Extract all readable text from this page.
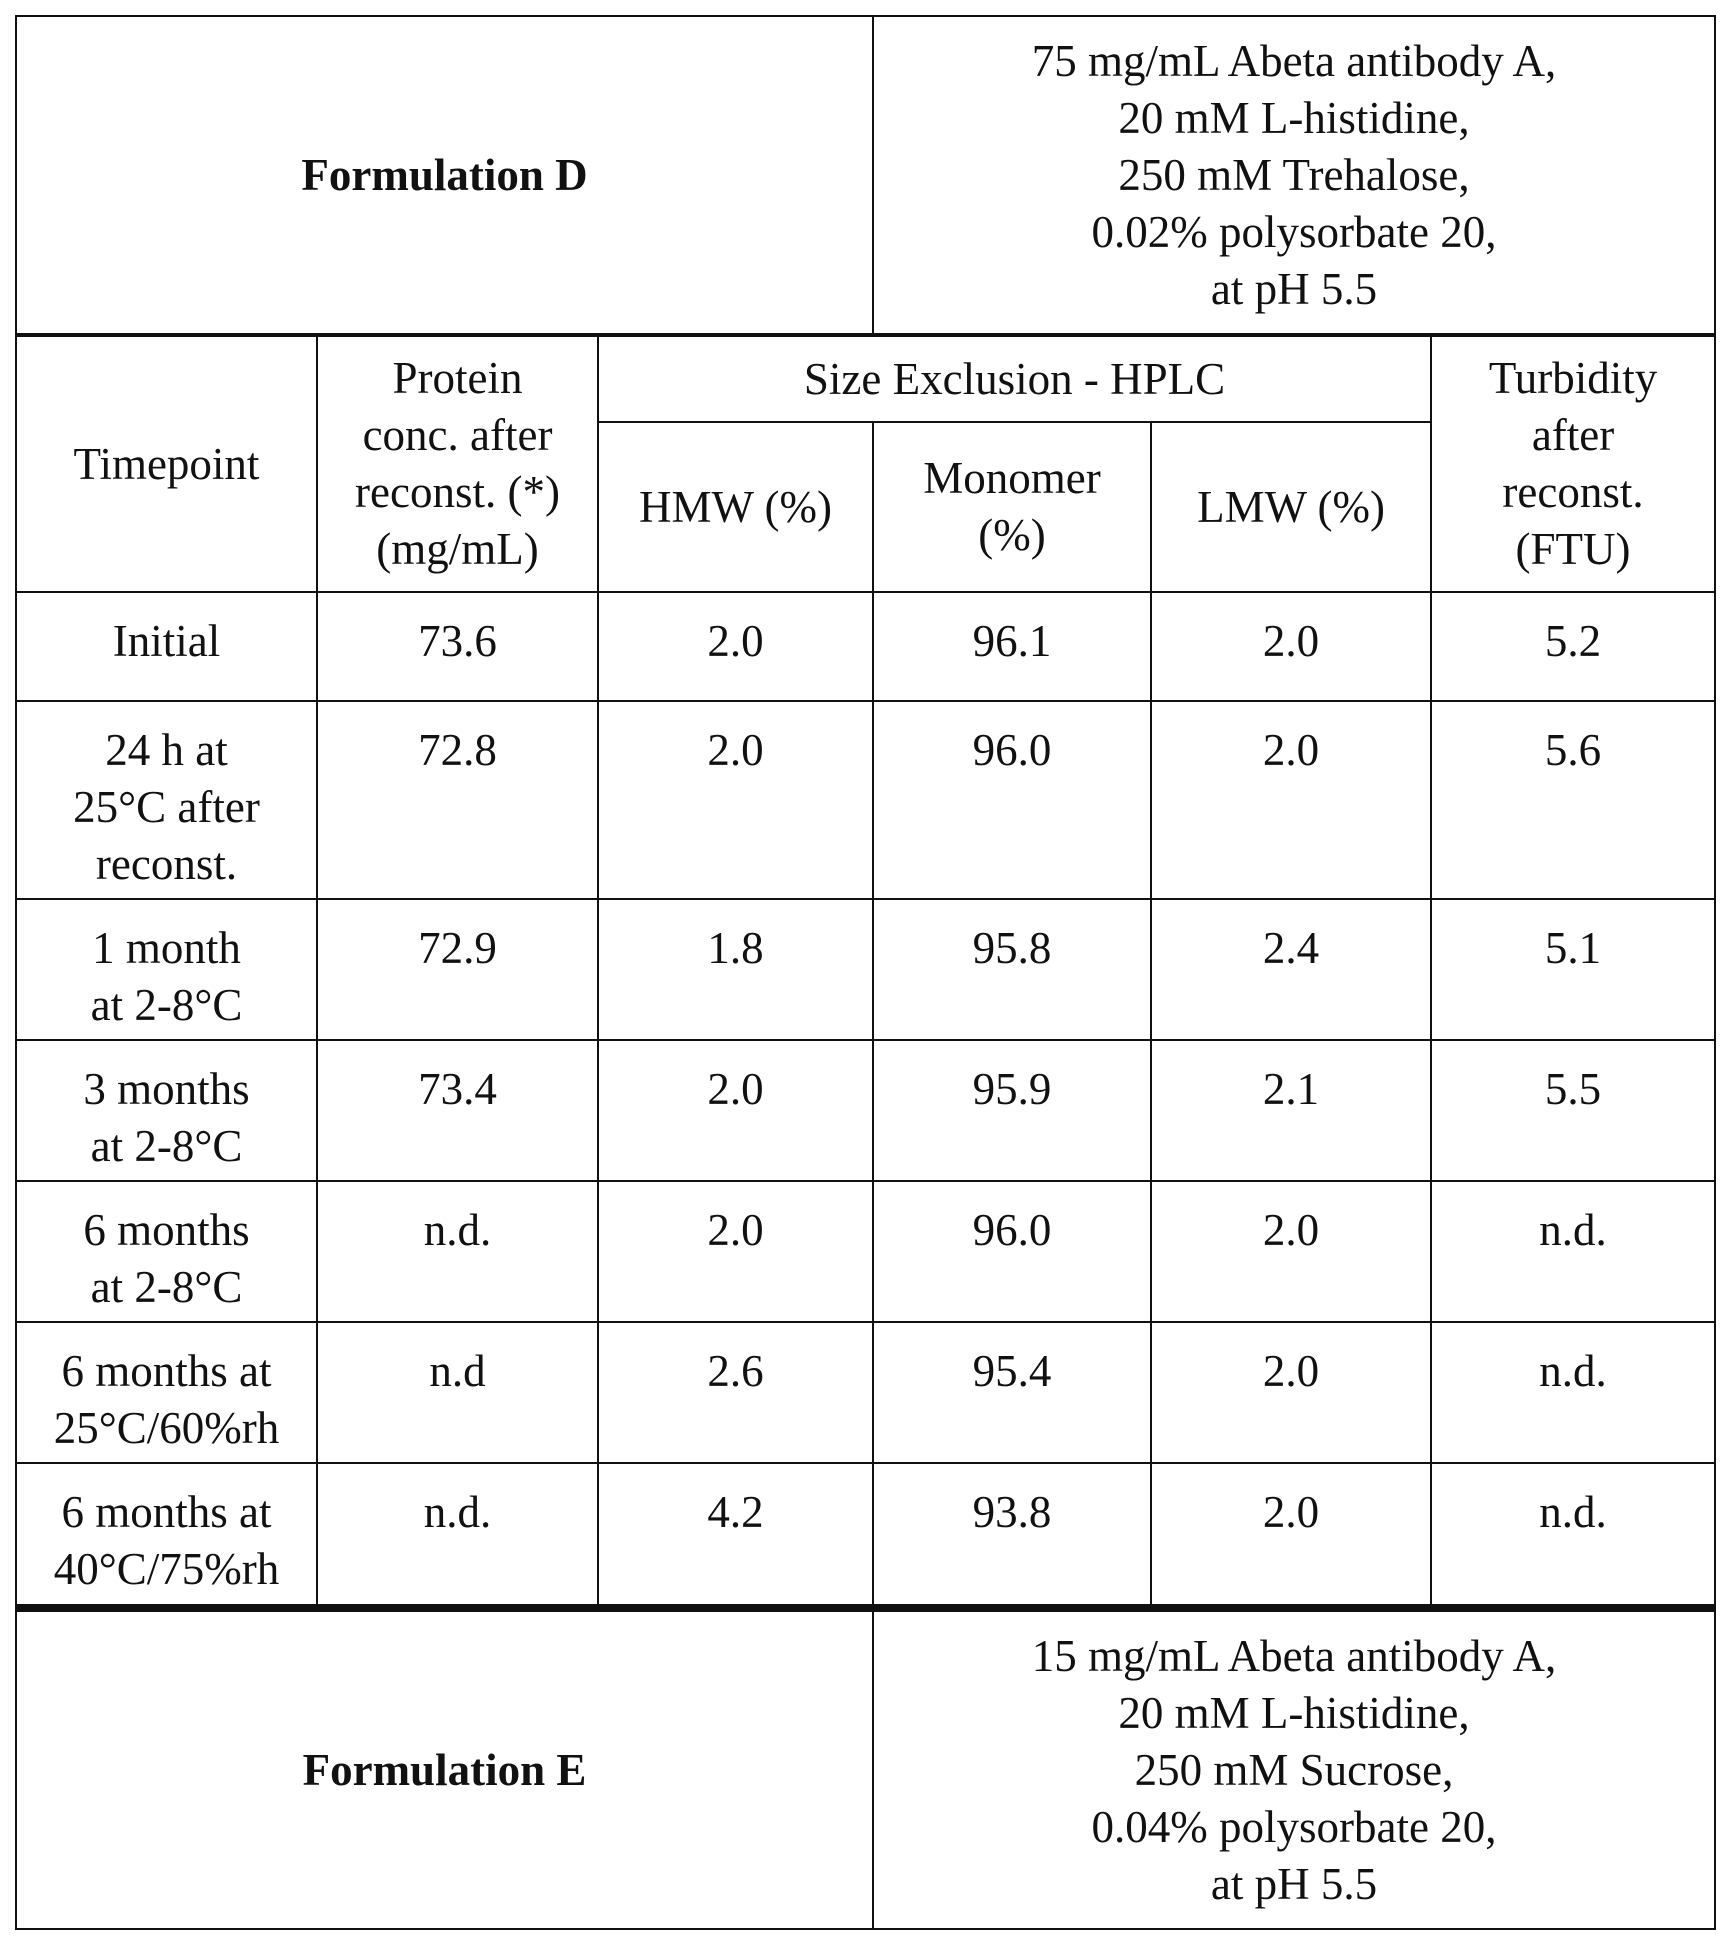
Formulation D	
75 mg/mL Abeta antibody A,
20 mM L-histidine,
250 mM Trehalose,
0.02% polysorbate 20,
at pH 5.5
Timepoint	
Protein
conc. after
reconst. (*)
(mg/mL)
	Size Exclusion - HPLC	Turbidity
after
reconst.
(FTU)

HMW (%)	
Monomer
(%)
	LMW (%)

Initial	73.6	2.0	96.1	2.0	5.2

24 h at
25°C after
reconst.
	72.8	2.0	96.0	2.0	5.6

1 month
at 2-8°C
	72.9	1.8	95.8	2.4	5.1

3 months
at 2-8°C
	73.4	2.0	95.9	2.1	5.5

6 months
at 2-8°C
	n.d.	2.0	96.0	2.0	n.d.

6 months at
25°C/60%rh
	n.d	2.6	95.4	2.0	n.d.

6 months at
40°C/75%rh
	n.d.	4.2	93.8	2.0	n.d.
Formulation E	
15 mg/mL Abeta antibody A,
20 mM L-histidine,
250 mM Sucrose,
0.04% polysorbate 20,
at pH 5.5
